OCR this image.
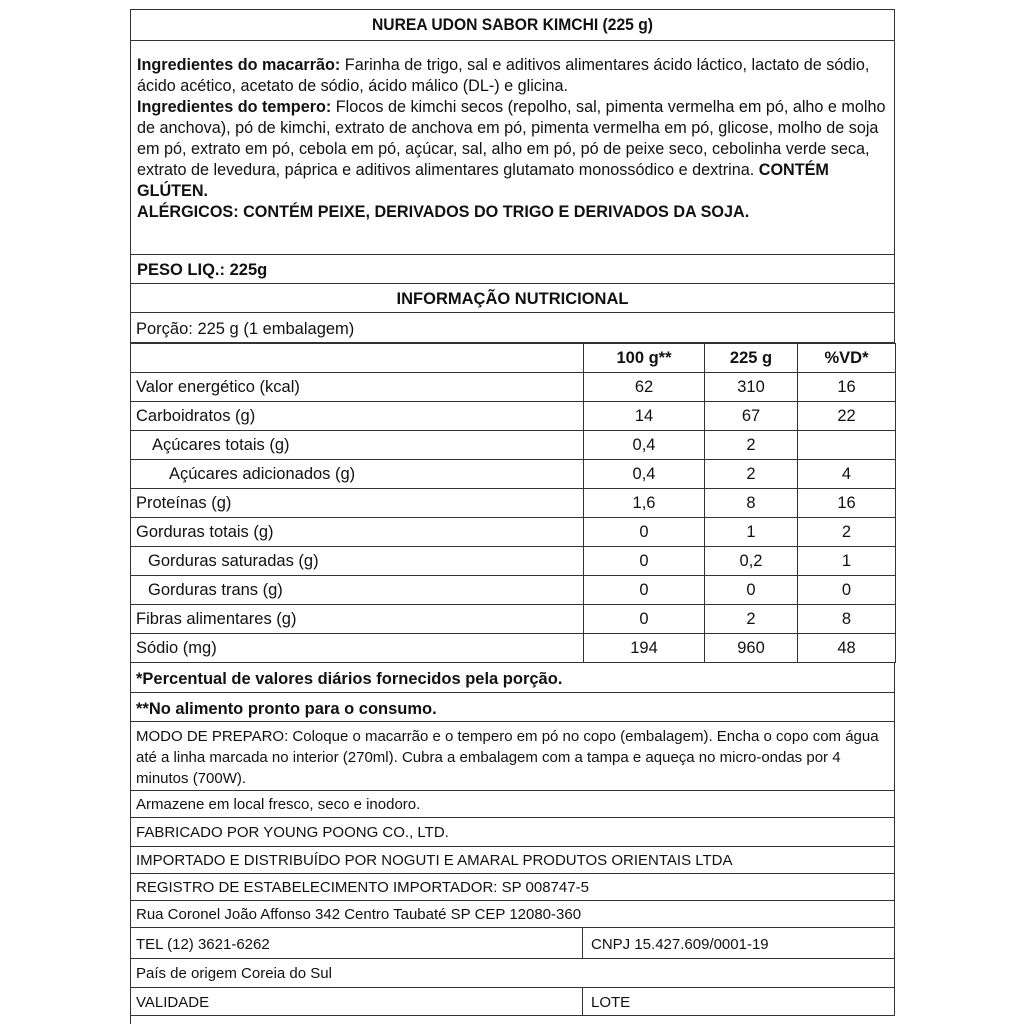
NUREA UDON SABOR KIMCHI (225 g)
Ingredientes do macarrão: Farinha de trigo, sal e aditivos alimentares ácido láctico, lactato de sódio, ácido acético, acetato de sódio, ácido málico (DL-) e glicina.
Ingredientes do tempero: Flocos de kimchi secos (repolho, sal, pimenta vermelha em pó, alho e molho de anchova), pó de kimchi, extrato de anchova em pó, pimenta vermelha em pó, glicose, molho de soja em pó, extrato em pó, cebola em pó, açúcar, sal, alho em pó, pó de peixe seco, cebolinha verde seca, extrato de levedura, páprica e aditivos alimentares glutamato monossódico e dextrina. CONTÉM GLÚTEN.
ALÉRGICOS: CONTÉM PEIXE, DERIVADOS DO TRIGO E DERIVADOS DA SOJA.
PESO LIQ.: 225g
INFORMAÇÃO NUTRICIONAL
Porção: 225 g (1 embalagem)
	100 g**	225 g	%VD*
Valor energético (kcal)	62	310	16
Carboidratos (g)	14	67	22
Açúcares totais (g)	0,4	2	
Açúcares adicionados (g)	0,4	2	4
Proteínas (g)	1,6	8	16
Gorduras totais (g)	0	1	2
Gorduras saturadas (g)	0	0,2	1
Gorduras trans (g)	0	0	0
Fibras alimentares (g)	0	2	8
Sódio (mg)	194	960	48
*Percentual de valores diários fornecidos pela porção.
**No alimento pronto para o consumo.
MODO DE PREPARO: Coloque o macarrão e o tempero em pó no copo (embalagem). Encha o copo com água até a linha marcada no interior (270ml). Cubra a embalagem com a tampa e aqueça no micro-ondas por 4 minutos (700W).
Armazene em local fresco, seco e inodoro.
FABRICADO POR YOUNG POONG CO., LTD.
IMPORTADO E DISTRIBUÍDO POR NOGUTI E AMARAL PRODUTOS ORIENTAIS LTDA
REGISTRO DE ESTABELECIMENTO IMPORTADOR: SP 008747-5
Rua Coronel João Affonso 342 Centro Taubaté SP CEP 12080-360
TEL (12) 3621-6262	CNPJ 15.427.609/0001-19
País de origem Coreia do Sul
VALIDADE	LOTE
